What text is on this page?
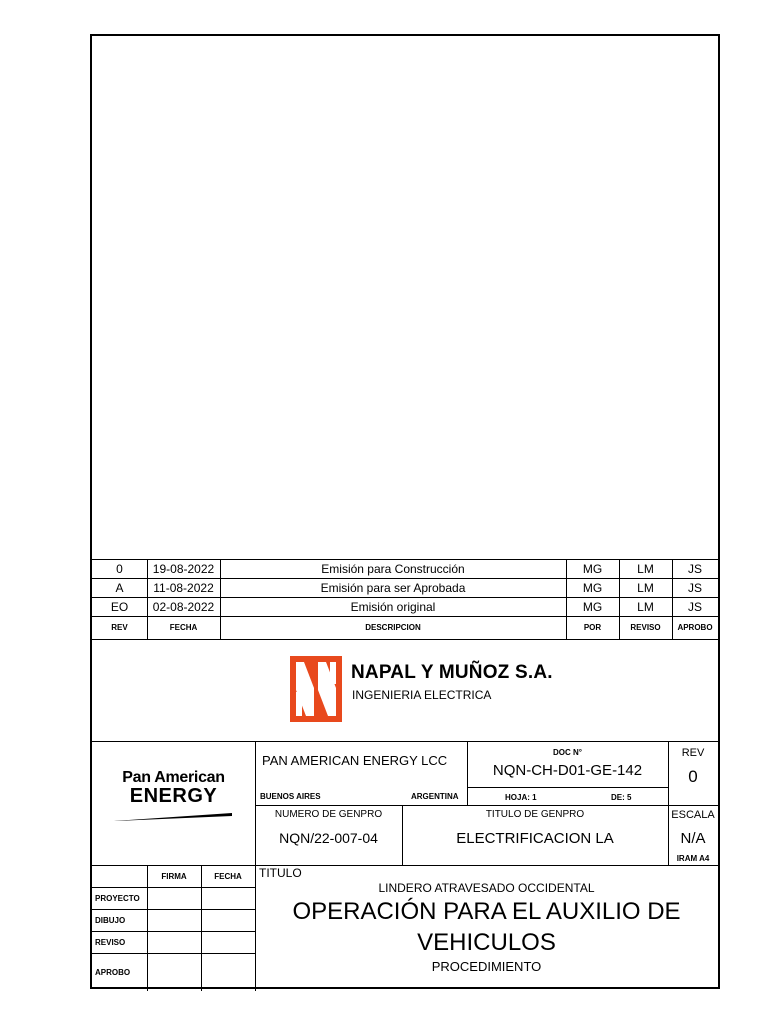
0	19-08-2022	Emisión para Construcción	MG	LM	JS
A	11-08-2022	Emisión para ser Aprobada	MG	LM	JS
EO	02-08-2022	Emisión original	MG	LM	JS
REV	FECHA	DESCRIPCION	POR	REVISO	APROBO
NAPAL Y MUÑOZ S.A.
INGENIERIA ELECTRICA
Pan American
ENERGY
PAN AMERICAN ENERGY LCC
DOC N°
NQN-CH-D01-GE-142
REV
0
BUENOS AIRES	ARGENTINA	HOJA: 1	DE: 5
NUMERO DE GENPRO
NQN/22-007-04
TITULO DE GENPRO
ELECTRIFICACION LA
ESCALA
N/A
IRAM A4
FIRMA	FECHA
PROYECTO
DIBUJO
REVISO
APROBO
TITULO
LINDERO ATRAVESADO OCCIDENTAL
OPERACIÓN PARA EL AUXILIO DE
VEHICULOS
PROCEDIMIENTO
